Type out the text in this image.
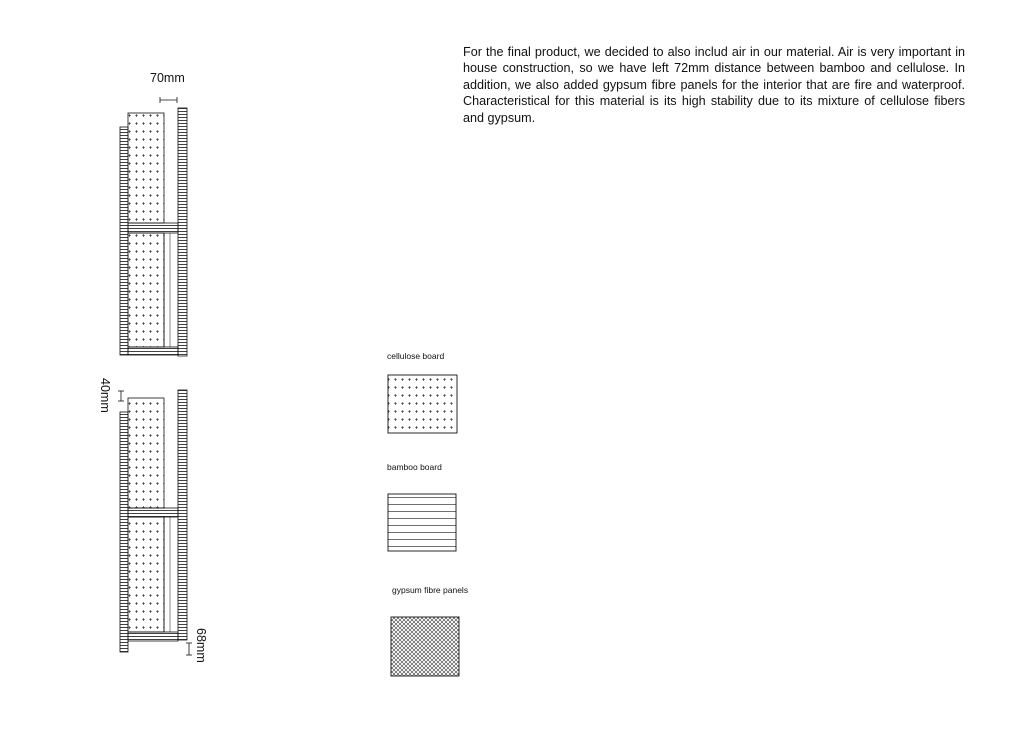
For the final product, we decided to also includ air in our material. Air is very important in house construction, so we have left 72mm distance between bamboo and cellulose. In addition, we also added gypsum fibre panels for the interior that are fire and waterproof. Characteristical for this material is its high stability due to its mixture of cellulose fibers and gypsum.

70mm
40mm
68mm
cellulose board
bamboo board
gypsum fibre panels
